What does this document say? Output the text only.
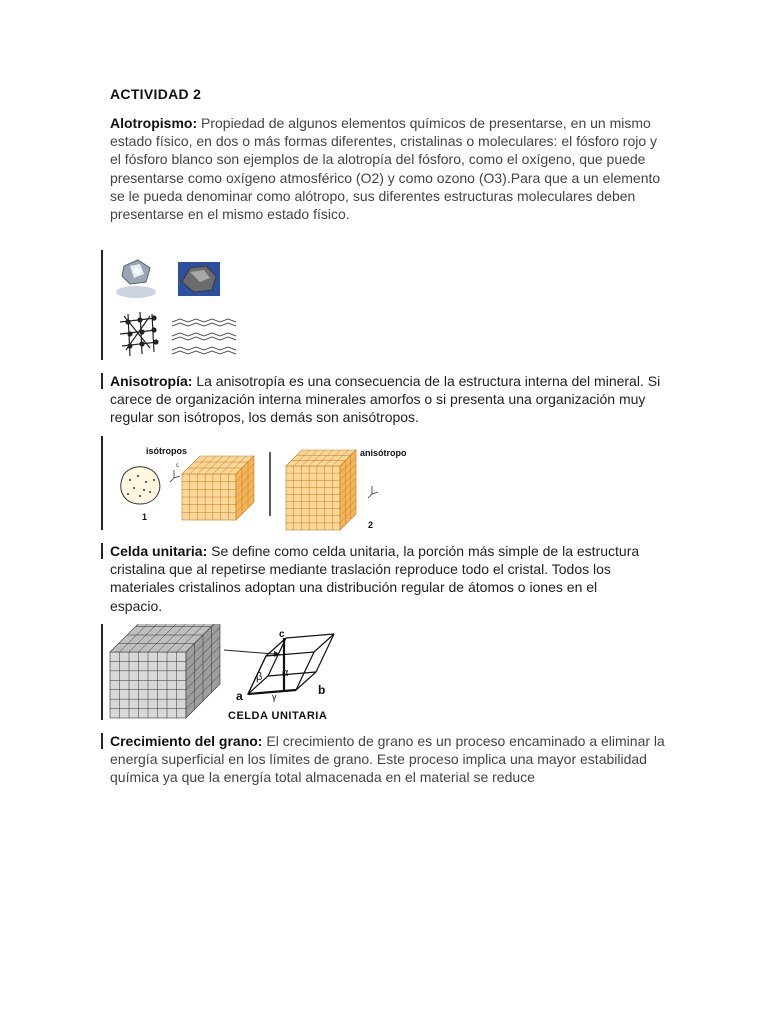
ACTIVIDAD 2
Alotropismo: Propiedad de algunos elementos químicos de presentarse, en un mismo estado físico, en dos o más formas diferentes, cristalinas o moleculares: el fósforo rojo y el fósforo blanco son ejemplos de la alotropía del fósforo, como el oxígeno, que puede presentarse como oxígeno atmosférico (O2) y como ozono (O3).Para que a un elemento se le pueda denominar como alótropo, sus diferentes estructuras moleculares deben presentarse en el mismo estado físico.
Anisotropía: La anisotropía es una consecuencia de la estructura interna del mineral. Si carece de organización interna minerales amorfos o si presenta una organización muy regular son isótropos, los demás son anisótropos.
isótropos	anisótropo
c
1
2
Celda unitaria: Se define como celda unitaria, la porción más simple de la estructura cristalina que al repetirse mediante traslación reproduce todo el cristal. Todos los materiales cristalinos adoptan una distribución regular de átomos o iones en el espacio.
c
a	b
β α
γ
CELDA UNITARIA
Crecimiento del grano: El crecimiento de grano es un proceso encaminado a eliminar la energía superficial en los límites de grano. Este proceso implica una mayor estabilidad química ya que la energía total almacenada en el material se reduce
